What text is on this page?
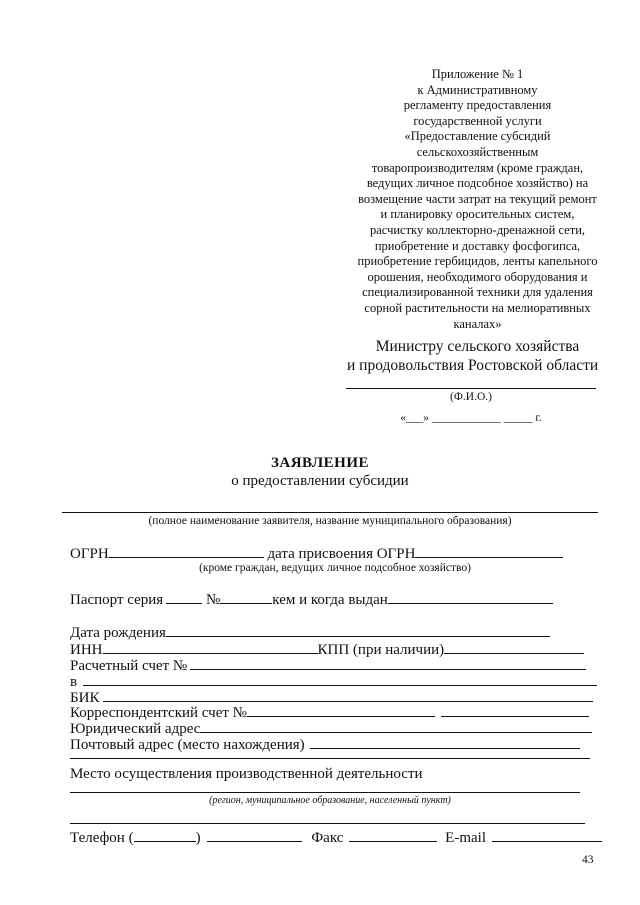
Приложение № 1
к Административному
регламенту предоставления
государственной услуги
«Предоставление субсидий
сельскохозяйственным
товаропроизводителям (кроме граждан,
ведущих личное подсобное хозяйство) на
возмещение части затрат на текущий ремонт
и планировку оросительных систем,
расчистку коллекторно-дренажной сети,
приобретение и доставку фосфогипса,
приобретение гербицидов, ленты капельного
орошения, необходимого оборудования и
специализированной техники для удаления
сорной растительности на мелиоративных
каналах»
Министру сельского хозяйства
и продовольствия Ростовской области
(Ф.И.О.)
«___» ____________ _____ г.
ЗАЯВЛЕНИЕ
о предоставлении субсидии
(полное наименование заявителя, название муниципального образования)
ОГРН	дата присвоения ОГРН
(кроме граждан, ведущих личное подсобное хозяйство)
Паспорт серия	№	кем и когда выдан
Дата рождения
ИНН	КПП (при наличии)
Расчетный счет №
в
БИК
Корреспондентский счет №
Юридический адрес
Почтовый адрес (место нахождения)
Место осуществления производственной деятельности
(регион, муниципальное образование, населенный пункт)
Телефон (	)	Факс	E-mail
43
